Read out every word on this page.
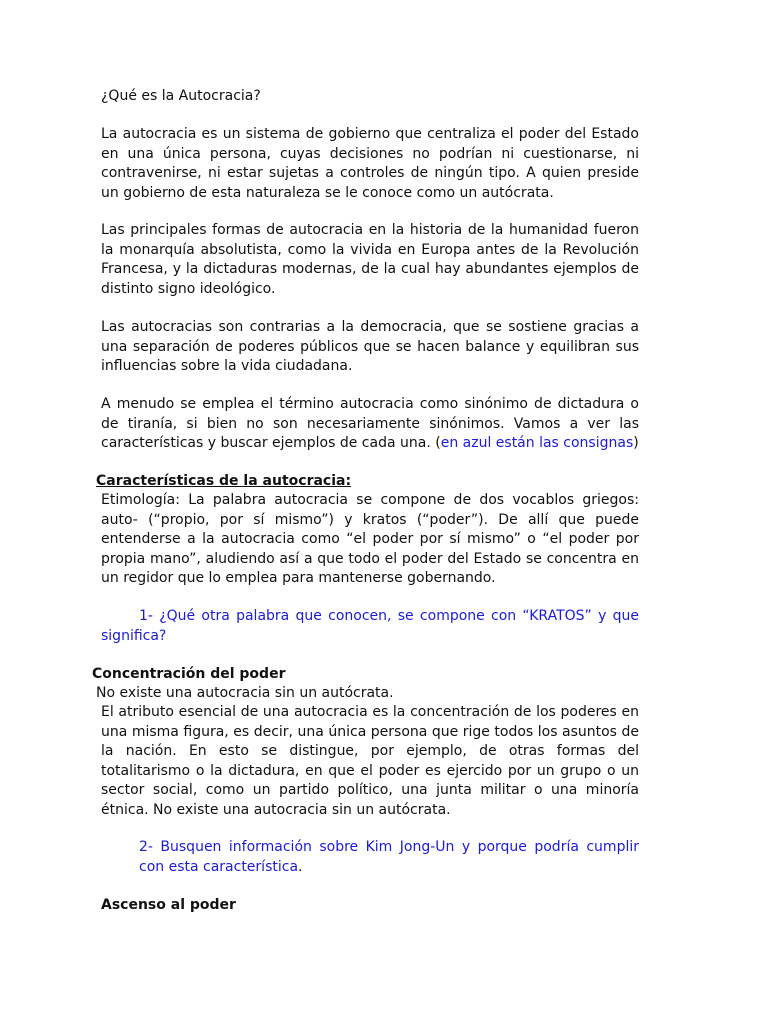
¿Qué es la Autocracia?

La autocracia es un sistema de gobierno que centraliza el poder del Estado en una única persona, cuyas decisiones no podrían ni cuestionarse, ni contravenirse, ni estar sujetas a controles de ningún tipo. A quien preside un gobierno de esta naturaleza se le conoce como un autócrata.

Las principales formas de autocracia en la historia de la humanidad fueron la monarquía absolutista, como la vivida en Europa antes de la Revolución Francesa, y la dictaduras modernas, de la cual hay abundantes ejemplos de distinto signo ideológico.

Las autocracias son contrarias a la democracia, que se sostiene gracias a una separación de poderes públicos que se hacen balance y equilibran sus influencias sobre la vida ciudadana.

A menudo se emplea el término autocracia como sinónimo de dictadura o de tiranía, si bien no son necesariamente sinónimos. Vamos a ver las características y buscar ejemplos de cada una. (en azul están las consignas)

Características de la autocracia:

Etimología: La palabra autocracia se compone de dos vocablos griegos: auto- (“propio, por sí mismo”) y kratos (“poder”). De allí que puede entenderse a la autocracia como “el poder por sí mismo” o “el poder por propia mano”, aludiendo así a que todo el poder del Estado se concentra en un regidor que lo emplea para mantenerse gobernando.

1- ¿Qué otra palabra que conocen, se compone con “KRATOS” y que significa?

Concentración del poder

No existe una autocracia sin un autócrata.

El atributo esencial de una autocracia es la concentración de los poderes en una misma figura, es decir, una única persona que rige todos los asuntos de la nación. En esto se distingue, por ejemplo, de otras formas del totalitarismo o la dictadura, en que el poder es ejercido por un grupo o un sector social, como un partido político, una junta militar o una minoría étnica. No existe una autocracia sin un autócrata.

2- Busquen información sobre Kim Jong-Un y porque podría cumplir con esta característica.

Ascenso al poder
